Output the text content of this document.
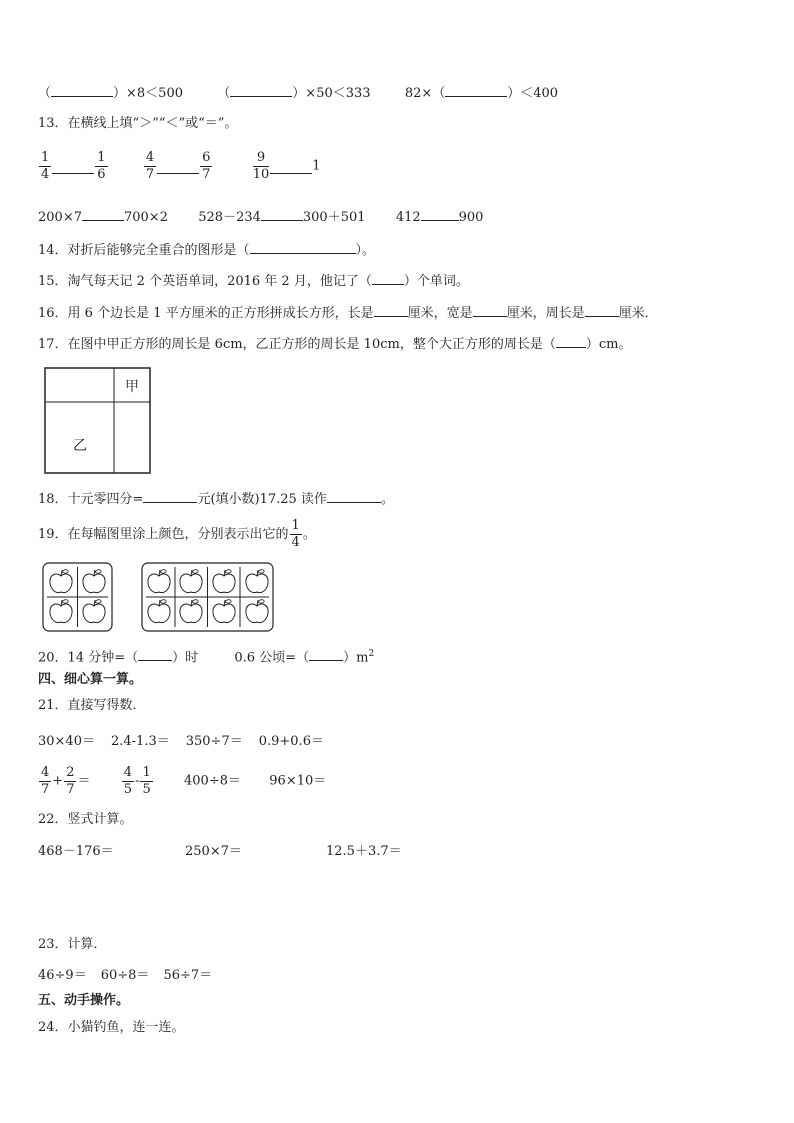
（	）×8＜500	（	）×50＜333	82×（	）＜400
13．在横线上填“＞”“＜”或“＝”。
$\frac{1}{4}$	$\frac{1}{6}$
	$\frac{4}{7}$	$\frac{6}{7}$
	$\frac{9}{10}$	1
200×7	700×2 528－234	300＋501 412	900
14．对折后能够完全重合的图形是（	）。
15．淘气每天记 2 个英语单词，2016 年 2 月，他记了（ ）个单词。
16．用 6 个边长是 1 平方厘米的正方形拼成长方形，长是	厘米，宽是	厘米，周长是	厘米．
17．在图中甲正方形的周长是 6cm，乙正方形的周长是 10cm，整个大正方形的周长是（ ）cm。
甲
乙
18．十元零四分=	元(填小数)17.25 读作	。
19．在每幅图里涂上颜色，分别表示出它的 $\frac{1}{4}$ 。
20．14 分钟=（	）时	0.6 公顷=（	）$m^2$
四、细心算一算。
21．直接写得数．
30×40＝ 2.4-1.3＝ 350÷7＝ 0.9+0.6＝
$\frac{4}{7} + \frac{2}{7} = \frac{4}{5} - \frac{1}{5} 400\div 8= 96\times 10=$
22．竖式计算。
468－176＝	250×7＝	12.5＋3.7＝
23．计算．
46÷9＝ 60÷8＝ 56÷7＝
五、动手操作。
24．小猫钓鱼，连一连。
